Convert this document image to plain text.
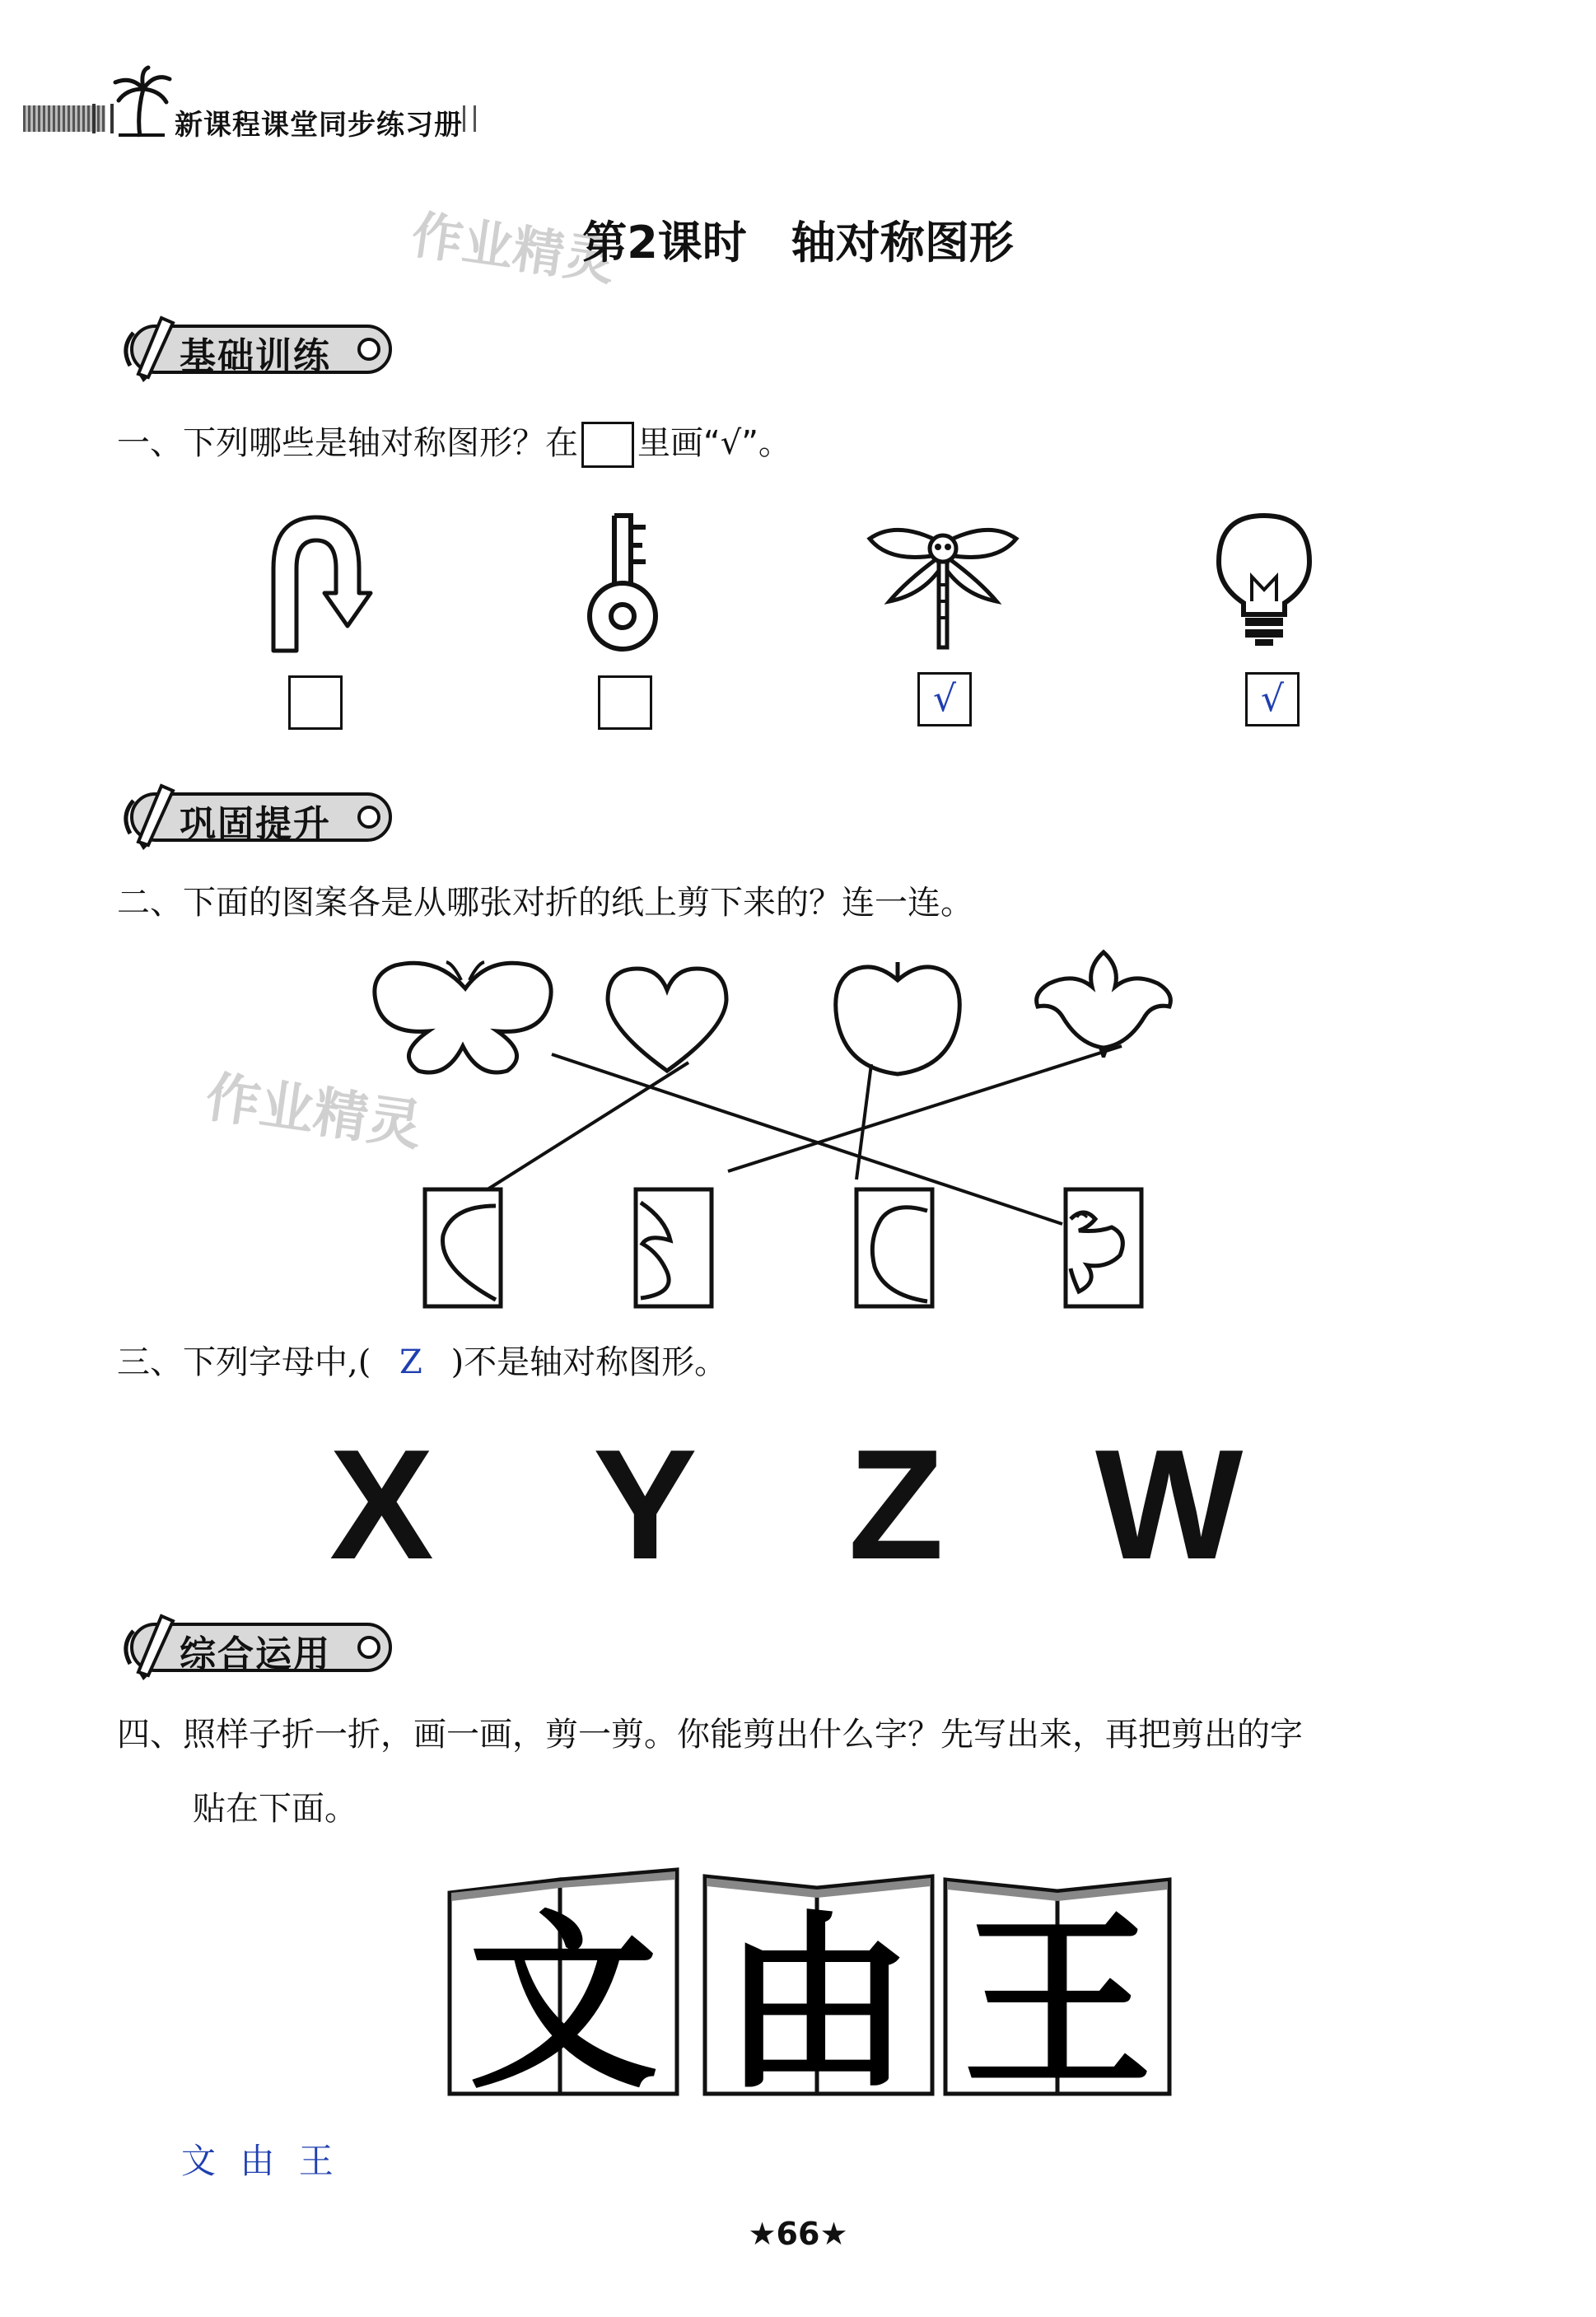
新课程课堂同步练习册
作业精灵
第2课时　轴对称图形
基础训练
一、下列哪些是轴对称图形？在 里画“√”。
√	√
巩固提升
二、下面的图案各是从哪张对折的纸上剪下来的？连一连。
作业精灵
三、下列字母中,( Z )不是轴对称图形。
X Y Z W
综合运用
四、照样子折一折，画一画，剪一剪。你能剪出什么字？先写出来，再把剪出的字
贴在下面。
文 由 王
文 由 王
★66★
